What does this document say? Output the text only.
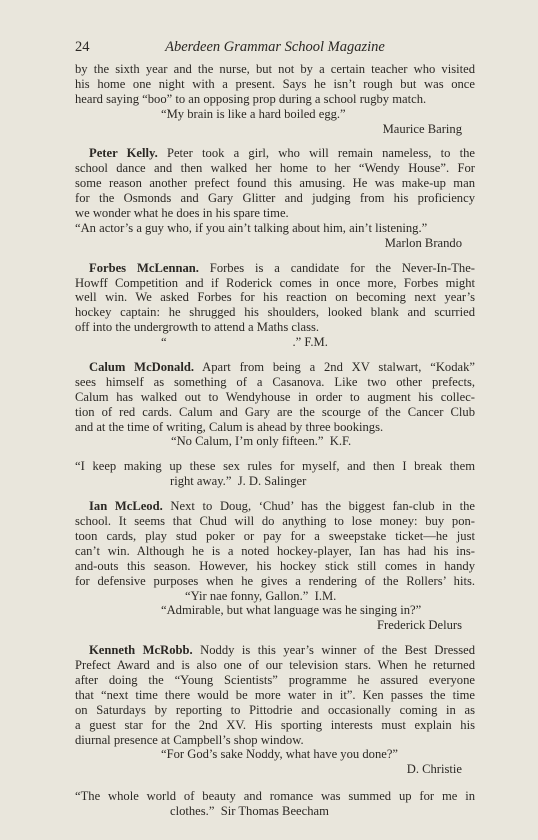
24	Aberdeen Grammar School Magazine
by the sixth year and the nurse, but not by a certain teacher who visited
his home one night with a present. Says he isn’t rough but was once
heard saying “boo” to an opposing prop during a school rugby match.
“My brain is like a hard boiled egg.”
Maurice Baring
Peter Kelly. Peter took a girl, who will remain nameless, to the
school dance and then walked her home to her “Wendy House”. For
some reason another prefect found this amusing. He was make-up man
for the Osmonds and Gary Glitter and judging from his proficiency
we wonder what he does in his spare time.
“An actor’s a guy who, if you ain’t talking about him, ain’t listening.”
Marlon Brando
Forbes McLennan. Forbes is a candidate for the Never-In-The-
Howff Competition and if Roderick comes in once more, Forbes might
well win. We asked Forbes for his reaction on becoming next year’s
hockey captain: he shrugged his shoulders, looked blank and scurried
off into the undergrowth to attend a Maths class.
“                                        .” F.M.
Calum McDonald. Apart from being a 2nd XV stalwart, “Kodak”
sees himself as something of a Casanova. Like two other prefects,
Calum has walked out to Wendyhouse in order to augment his collec-
tion of red cards. Calum and Gary are the scourge of the Cancer Club
and at the time of writing, Calum is ahead by three bookings.
“No Calum, I’m only fifteen.”  K.F.
“I keep making up these sex rules for myself, and then I break them
right away.”  J. D. Salinger
Ian McLeod. Next to Doug, ‘Chud’ has the biggest fan-club in the
school. It seems that Chud will do anything to lose money: buy pon-
toon cards, play stud poker or pay for a sweepstake ticket—he just
can’t win. Although he is a noted hockey-player, Ian has had his ins-
and-outs this season. However, his hockey stick still comes in handy
for defensive purposes when he gives a rendering of the Rollers’ hits.
“Yir nae fonny, Gallon.”  I.M.
“Admirable, but what language was he singing in?”
Frederick Delurs
Kenneth McRobb. Noddy is this year’s winner of the Best Dressed
Prefect Award and is also one of our television stars. When he returned
after doing the “Young Scientists” programme he assured everyone
that “next time there would be more water in it”. Ken passes the time
on Saturdays by reporting to Pittodrie and occasionally coming in as
a guest star for the 2nd XV. His sporting interests must explain his
diurnal presence at Campbell’s shop window.
“For God’s sake Noddy, what have you done?”
D. Christie
“The whole world of beauty and romance was summed up for me in
clothes.”  Sir Thomas Beecham
